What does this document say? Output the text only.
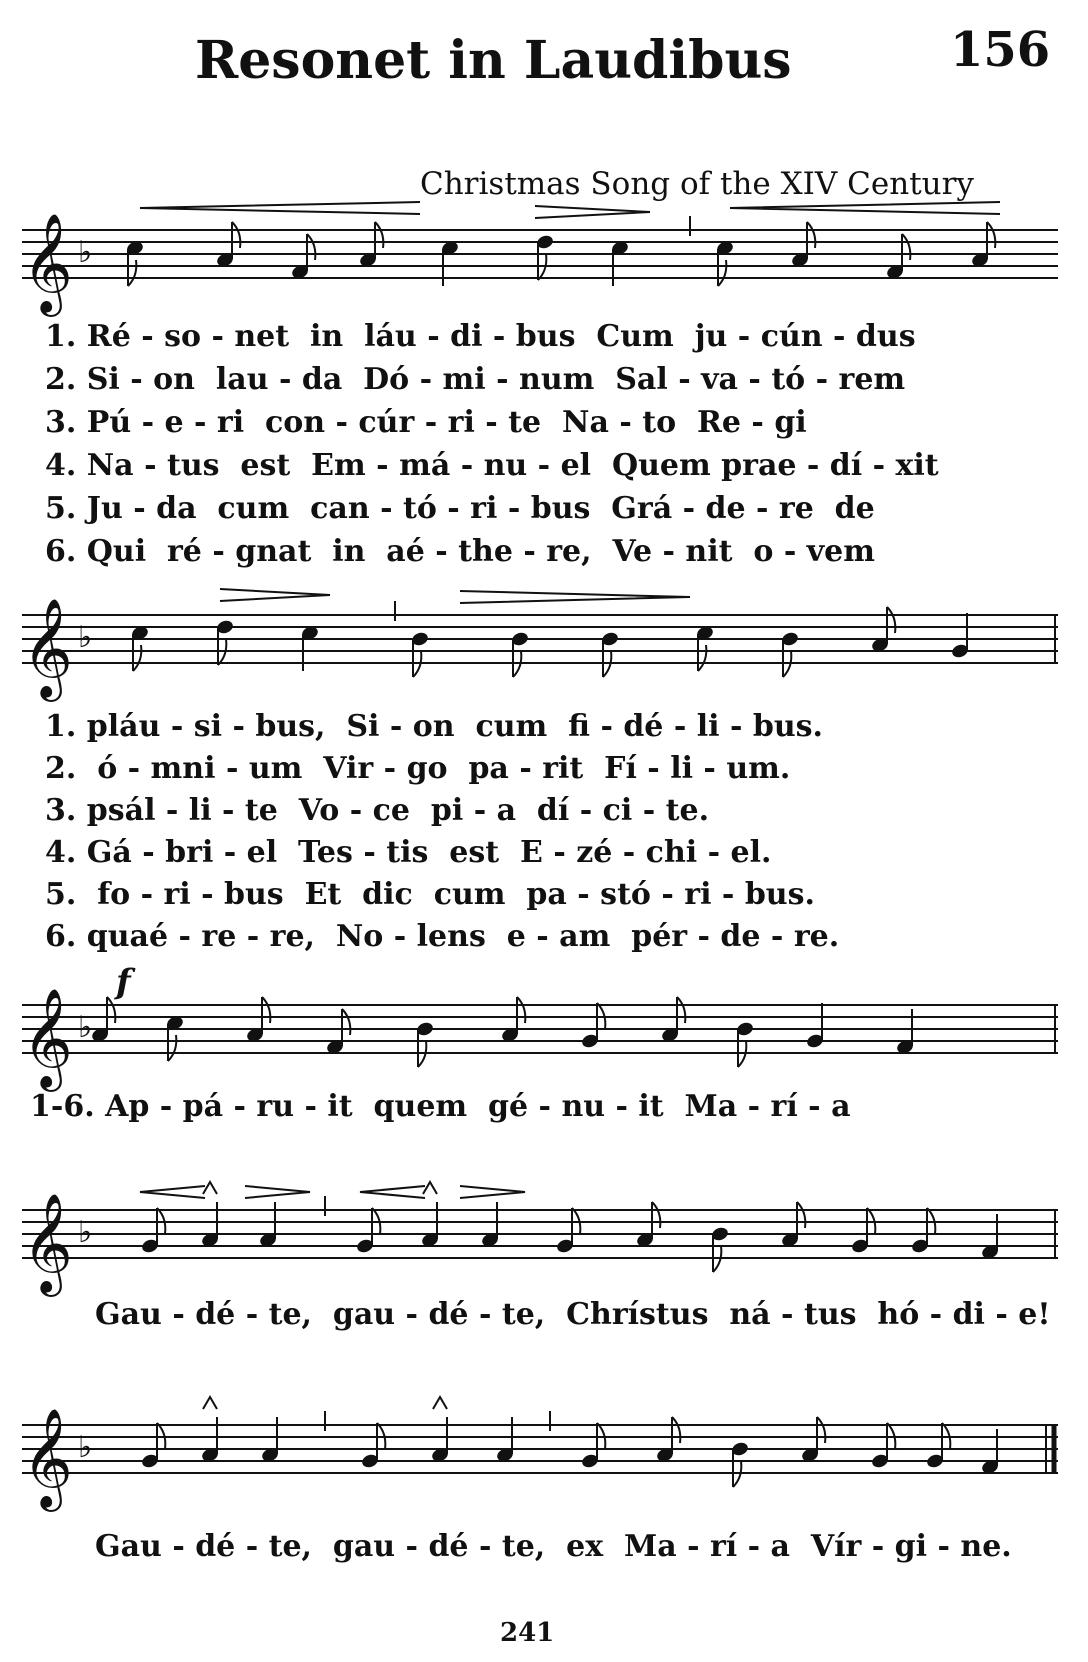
Resonet in Laudibus	156
Christmas Song of the XIV Century
𝄞 ♭
1. Ré - so - net  in  láu - di - bus  Cum  ju - cún - dus
2. Si - on  lau - da  Dó - mi - num  Sal - va - tó - rem
3. Pú - e - ri  con - cúr - ri - te  Na - to  Re - gi
4. Na - tus  est  Em - má - nu - el  Quem prae - dí - xit
5. Ju - da  cum  can - tó - ri - bus  Grá - de - re  de
6. Qui  ré - gnat  in  aé - the - re,  Ve - nit  o - vem
𝄞 ♭
1. pláu - si - bus,  Si - on  cum  fi - dé - li - bus.
2.  ó - mni - um  Vir - go  pa - rit  Fí - li - um.
3. psál - li - te  Vo - ce  pi - a  dí - ci - te.
4. Gá - bri - el  Tes - tis  est  E - zé - chi - el.
5.  fo - ri - bus  Et  dic  cum  pa - stó - ri - bus.
6. quaé - re - re,  No - lens  e - am  pér - de - re.
𝄞 ♭
f
1-6. Ap - pá - ru - it  quem  gé - nu - it  Ma - rí - a
𝄞 ♭
Gau - dé - te,  gau - dé - te,  Chrístus  ná - tus  hó - di - e!
𝄞 ♭
Gau - dé - te,  gau - dé - te,  ex  Ma - rí - a  Vír - gi - ne.
241
